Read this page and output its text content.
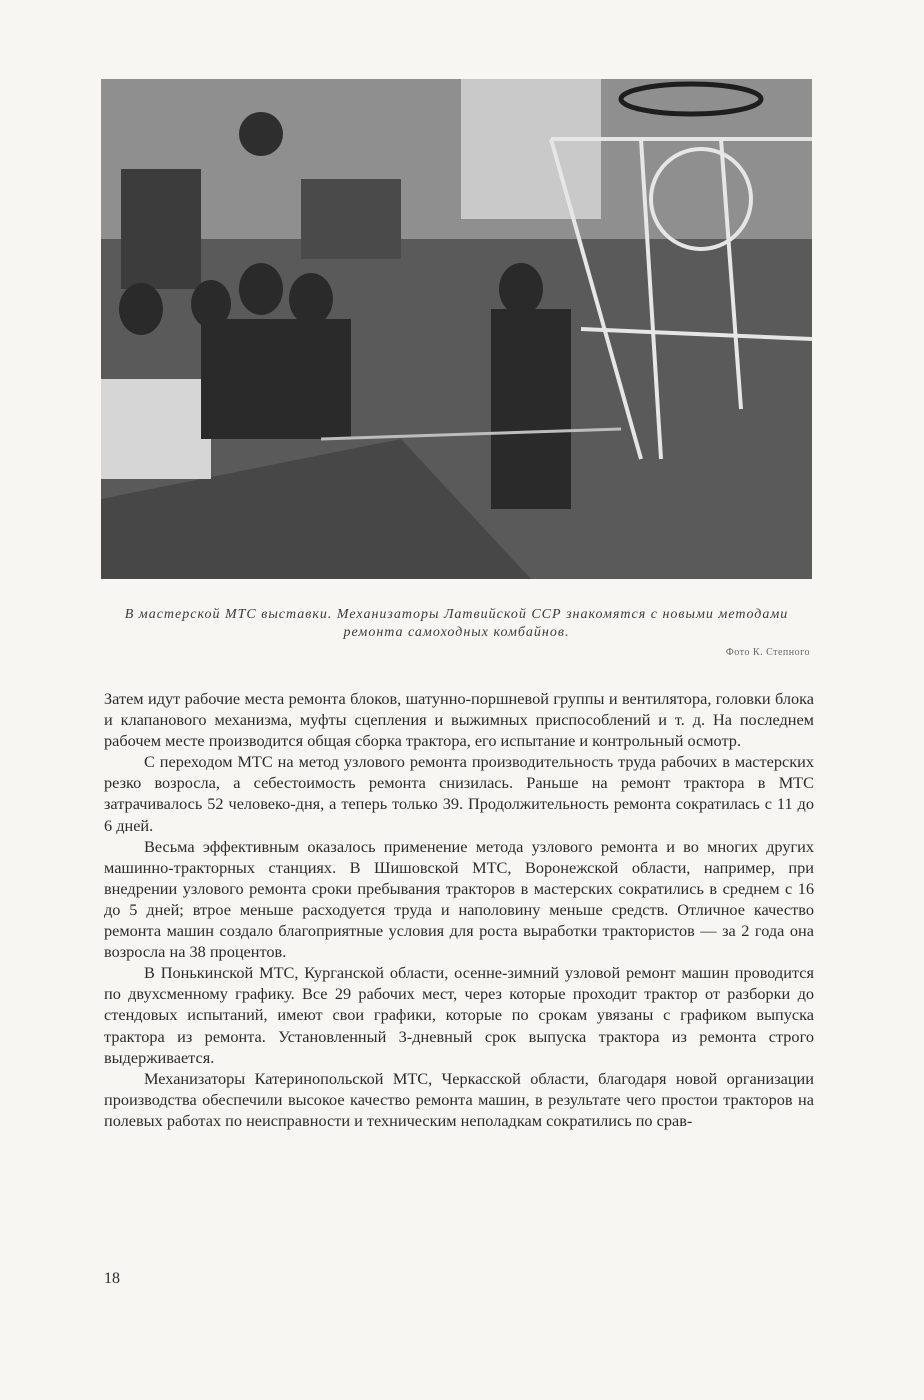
В мастерской МТС выставки. Механизаторы Латвийской ССР знакомятся с новыми методами ремонта самоходных комбайнов.
Фото К. Степного

Затем идут рабочие места ремонта блоков, шатунно-поршневой группы и вентилятора, головки блока и клапанового механизма, муфты сцепления и выжимных приспособлений и т. д. На последнем рабочем месте производится общая сборка трактора, его испытание и контрольный осмотр.

С переходом МТС на метод узлового ремонта производительность труда рабочих в мастерских резко возросла, а себестоимость ремонта снизилась. Раньше на ремонт трактора в МТС затрачивалось 52 человеко-дня, а теперь только 39. Продолжительность ремонта сократилась с 11 до 6 дней.

Весьма эффективным оказалось применение метода узлового ремонта и во многих других машинно-тракторных станциях. В Шишовской МТС, Воронежской области, например, при внедрении узлового ремонта сроки пребывания тракторов в мастерских сократились в среднем с 16 до 5 дней; втрое меньше расходуется труда и наполовину меньше средств. Отличное качество ремонта машин создало благоприятные условия для роста выработки трактористов — за 2 года она возросла на 38 процентов.

В Понькинской МТС, Курганской области, осенне-зимний узловой ремонт машин проводится по двухсменному графику. Все 29 рабочих мест, через которые проходит трактор от разборки до стендовых испытаний, имеют свои графики, которые по срокам увязаны с графиком выпуска трактора из ремонта. Установленный 3-дневный срок выпуска трактора из ремонта строго выдерживается.

Механизаторы Катеринопольской МТС, Черкасской области, благодаря новой организации производства обеспечили высокое качество ремонта машин, в результате чего простои тракторов на полевых работах по неисправности и техническим неполадкам сократились по срав-

18
